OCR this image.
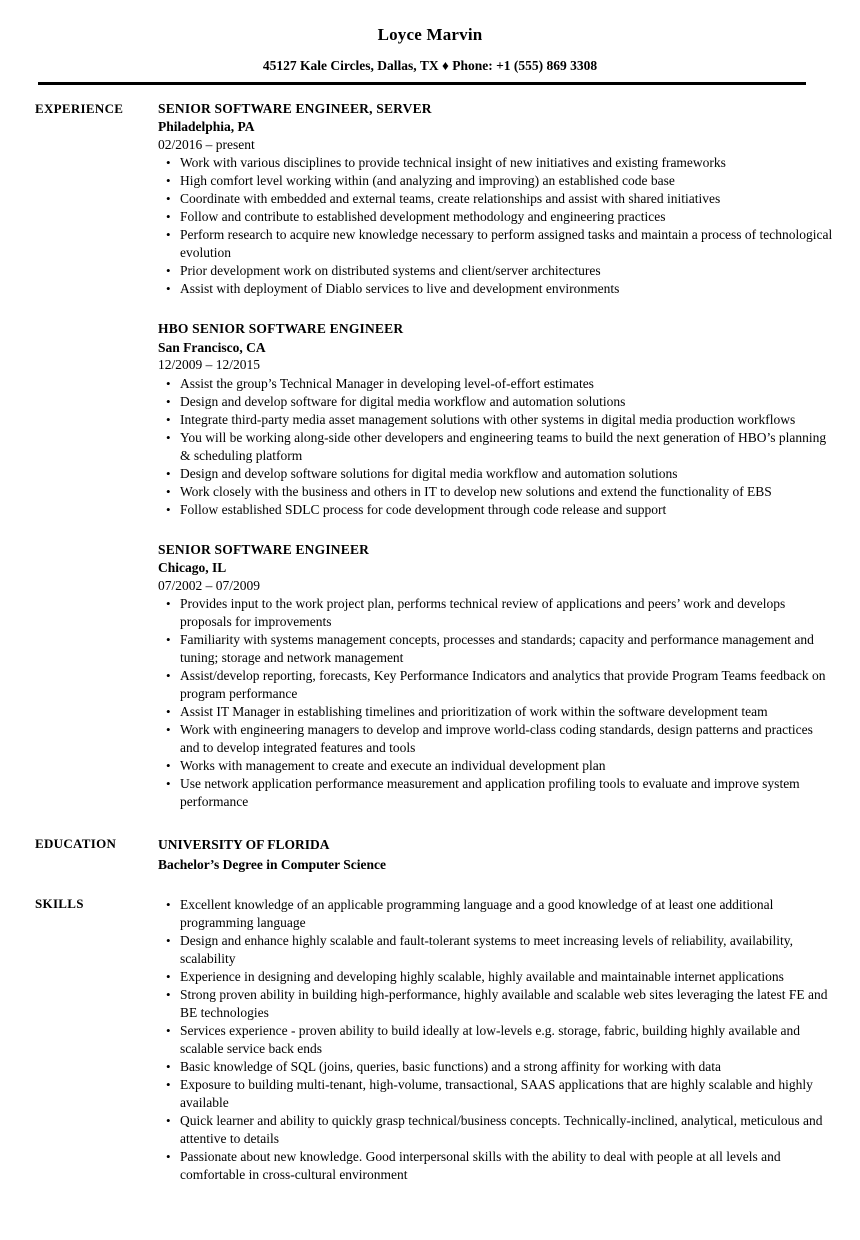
Loyce Marvin
45127 Kale Circles, Dallas, TX ♦ Phone: +1 (555) 869 3308
EXPERIENCE	SENIOR SOFTWARE ENGINEER, SERVER
Philadelphia, PA
02/2016 – present
• Work with various disciplines to provide technical insight of new initiatives and existing frameworks
• High comfort level working within (and analyzing and improving) an established code base
• Coordinate with embedded and external teams, create relationships and assist with shared initiatives
• Follow and contribute to established development methodology and engineering practices
• Perform research to acquire new knowledge necessary to perform assigned tasks and maintain a process of technological evolution
• Prior development work on distributed systems and client/server architectures
• Assist with deployment of Diablo services to live and development environments
HBO SENIOR SOFTWARE ENGINEER
San Francisco, CA
12/2009 – 12/2015
• Assist the group’s Technical Manager in developing level-of-effort estimates
• Design and develop software for digital media workflow and automation solutions
• Integrate third-party media asset management solutions with other systems in digital media production workflows
• You will be working along-side other developers and engineering teams to build the next generation of HBO’s planning & scheduling platform
• Design and develop software solutions for digital media workflow and automation solutions
• Work closely with the business and others in IT to develop new solutions and extend the functionality of EBS
• Follow established SDLC process for code development through code release and support
SENIOR SOFTWARE ENGINEER
Chicago, IL
07/2002 – 07/2009
• Provides input to the work project plan, performs technical review of applications and peers’ work and develops proposals for improvements
• Familiarity with systems management concepts, processes and standards; capacity and performance management and tuning; storage and network management
• Assist/develop reporting, forecasts, Key Performance Indicators and analytics that provide Program Teams feedback on program performance
• Assist IT Manager in establishing timelines and prioritization of work within the software development team
• Work with engineering managers to develop and improve world-class coding standards, design patterns and practices and to develop integrated features and tools
• Works with management to create and execute an individual development plan
• Use network application performance measurement and application profiling tools to evaluate and improve system performance
EDUCATION	UNIVERSITY OF FLORIDA
Bachelor’s Degree in Computer Science
SKILLS	• Excellent knowledge of an applicable programming language and a good knowledge of at least one additional programming language
• Design and enhance highly scalable and fault-tolerant systems to meet increasing levels of reliability, availability, scalability
• Experience in designing and developing highly scalable, highly available and maintainable internet applications
• Strong proven ability in building high-performance, highly available and scalable web sites leveraging the latest FE and BE technologies
• Services experience - proven ability to build ideally at low-levels e.g. storage, fabric, building highly available and scalable service back ends
• Basic knowledge of SQL (joins, queries, basic functions) and a strong affinity for working with data
• Exposure to building multi-tenant, high-volume, transactional, SAAS applications that are highly scalable and highly available
• Quick learner and ability to quickly grasp technical/business concepts. Technically-inclined, analytical, meticulous and attentive to details
• Passionate about new knowledge. Good interpersonal skills with the ability to deal with people at all levels and comfortable in cross-cultural environment
